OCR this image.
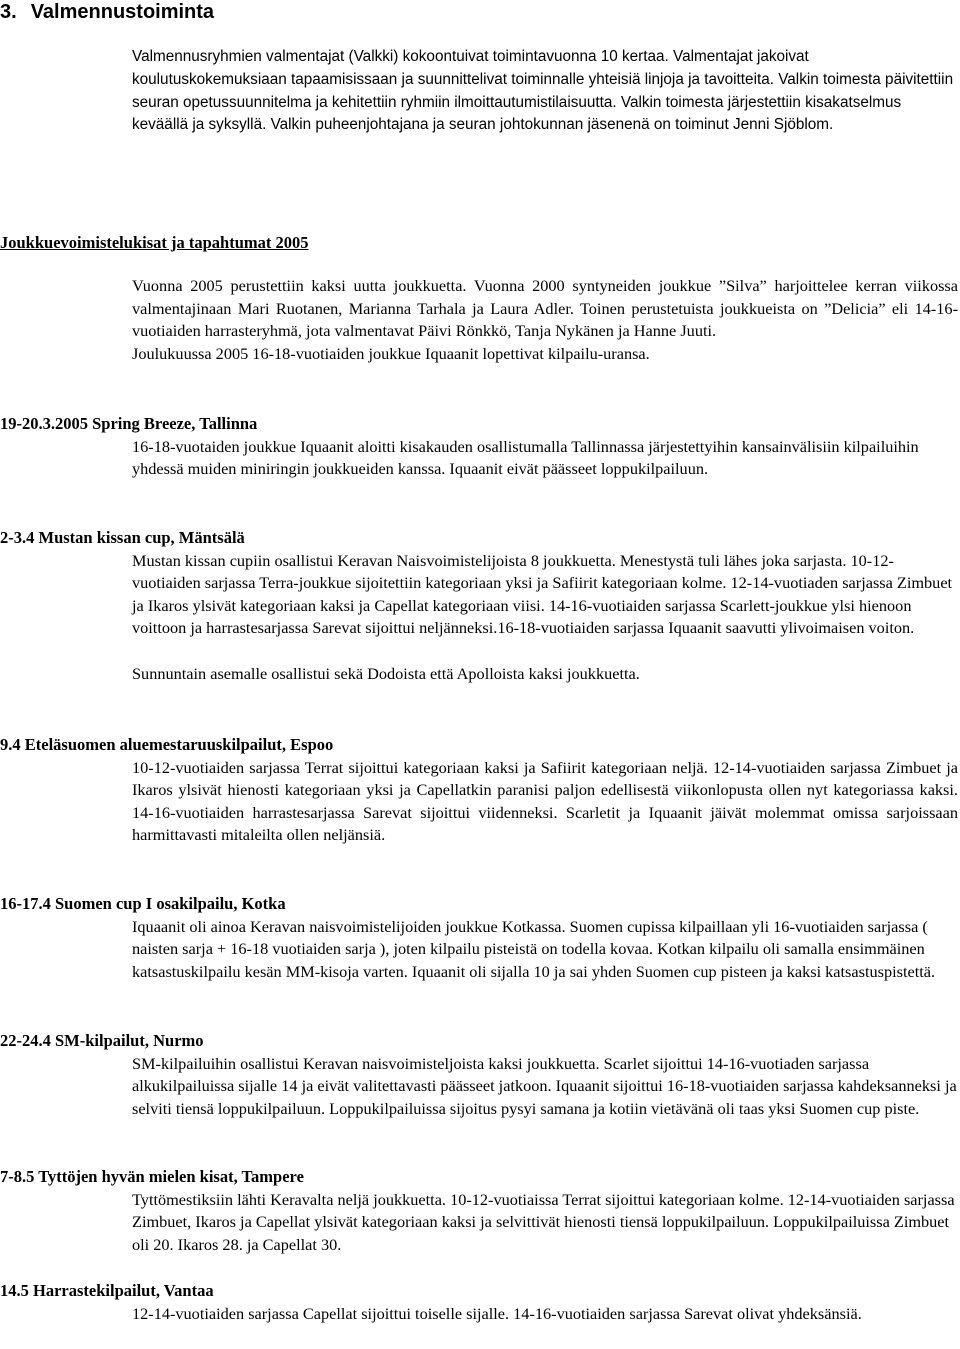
3. Valmennustoiminta

Valmennusryhmien valmentajat (Valkki) kokoontuivat toimintavuonna 10 kertaa. Valmentajat jakoivat koulutuskokemuksiaan tapaamisissaan ja suunnittelivat toiminnalle yhteisiä linjoja ja tavoitteita. Valkin toimesta päivitettiin seuran opetussuunnitelma ja kehitettiin ryhmiin ilmoittautumistilaisuutta. Valkin toimesta järjestettiin kisakatselmus keväällä ja syksyllä. Valkin puheenjohtajana ja seuran johtokunnan jäsenenä on toiminut Jenni Sjöblom.

Joukkuevoimistelukisat ja tapahtumat 2005

Vuonna 2005 perustettiin kaksi uutta joukkuetta. Vuonna 2000 syntyneiden joukkue ”Silva” harjoittelee kerran viikossa valmentajinaan Mari Ruotanen, Marianna Tarhala ja Laura Adler. Toinen perustetuista joukkueista on ”Delicia” eli 14-16-vuotiaiden harrasteryhmä, jota valmentavat Päivi Rönkkö, Tanja Nykänen ja Hanne Juuti.

Joulukuussa 2005 16-18-vuotiaiden joukkue Iquaanit lopettivat kilpailu-uransa.

19-20.3.2005 Spring Breeze, Tallinna

16-18-vuotaiden joukkue Iquaanit aloitti kisakauden osallistumalla Tallinnassa järjestettyihin kansainvälisiin kilpailuihin yhdessä muiden miniringin joukkueiden kanssa. Iquaanit eivät päässeet loppukilpailuun.

2-3.4 Mustan kissan cup, Mäntsälä

Mustan kissan cupiin osallistui Keravan Naisvoimistelijoista 8 joukkuetta. Menestystä tuli lähes joka sarjasta. 10-12-vuotiaiden sarjassa Terra-joukkue sijoitettiin kategoriaan yksi ja Safiirit kategoriaan kolme. 12-14-vuotiaden sarjassa Zimbuet ja Ikaros ylsivät kategoriaan kaksi ja Capellat kategoriaan viisi. 14-16-vuotiaiden sarjassa Scarlett-joukkue ylsi hienoon voittoon ja harrastesarjassa Sarevat sijoittui neljänneksi.16-18-vuotiaiden sarjassa Iquaanit saavutti ylivoimaisen voiton.

Sunnuntain asemalle osallistui sekä Dodoista että Apolloista kaksi joukkuetta.

9.4 Eteläsuomen aluemestaruuskilpailut, Espoo

10-12-vuotiaiden sarjassa Terrat sijoittui kategoriaan kaksi ja Safiirit kategoriaan neljä. 12-14-vuotiaiden sarjassa Zimbuet ja Ikaros ylsivät hienosti kategoriaan yksi ja Capellatkin paranisi paljon edellisestä viikonlopusta ollen nyt kategoriassa kaksi. 14-16-vuotiaiden harrastesarjassa Sarevat sijoittui viidenneksi. Scarletit ja Iquaanit jäivät molemmat omissa sarjoissaan harmittavasti mitaleilta ollen neljänsiä.

16-17.4 Suomen cup I osakilpailu, Kotka

Iquaanit oli ainoa Keravan naisvoimistelijoiden joukkue Kotkassa. Suomen cupissa kilpaillaan yli 16-vuotiaiden sarjassa ( naisten sarja + 16-18 vuotiaiden sarja ), joten kilpailu pisteistä on todella kovaa. Kotkan kilpailu oli samalla ensimmäinen katsastuskilpailu kesän MM-kisoja varten. Iquaanit oli sijalla 10 ja sai yhden Suomen cup pisteen ja kaksi katsastuspistettä.

22-24.4 SM-kilpailut, Nurmo

SM-kilpailuihin osallistui Keravan naisvoimisteljoista kaksi joukkuetta. Scarlet sijoittui 14-16-vuotiaden sarjassa alkukilpailuissa sijalle 14 ja eivät valitettavasti päässeet jatkoon. Iquaanit sijoittui 16-18-vuotiaiden sarjassa kahdeksanneksi ja selviti tiensä loppukilpailuun. Loppukilpailuissa sijoitus pysyi samana ja kotiin vietävänä oli taas yksi Suomen cup piste.

7-8.5 Tyttöjen hyvän mielen kisat, Tampere

Tyttömestiksiin lähti Keravalta neljä joukkuetta. 10-12-vuotiaissa Terrat sijoittui kategoriaan kolme. 12-14-vuotiaiden sarjassa Zimbuet, Ikaros ja Capellat ylsivät kategoriaan kaksi ja selvittivät hienosti tiensä loppukilpailuun. Loppukilpailuissa Zimbuet oli 20. Ikaros 28. ja Capellat 30.

14.5 Harrastekilpailut, Vantaa

12-14-vuotiaiden sarjassa Capellat sijoittui toiselle sijalle. 14-16-vuotiaiden sarjassa Sarevat olivat yhdeksänsiä.
